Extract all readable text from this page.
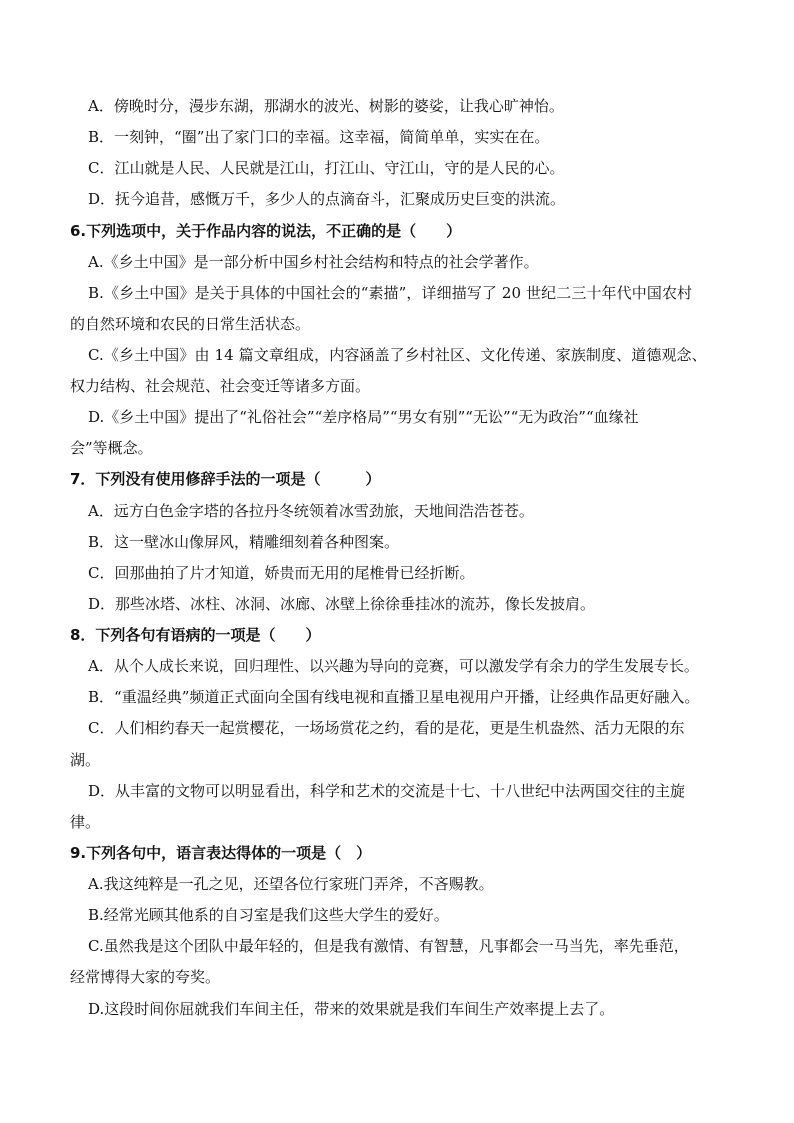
A．傍晚时分，漫步东湖，那湖水的波光、树影的婆娑，让我心旷神怡。

B．一刻钟，“圈”出了家门口的幸福。这幸福，简简单单，实实在在。

C．江山就是人民、人民就是江山，打江山、守江山，守的是人民的心。

D．抚今追昔，感慨万千，多少人的点滴奋斗，汇聚成历史巨变的洪流。

6.下列选项中，关于作品内容的说法，不正确的是（　　）

A.《乡土中国》是一部分析中国乡村社会结构和特点的社会学著作。

B.《乡土中国》是关于具体的中国社会的“素描”，详细描写了 20 世纪二三十年代中国农村

的自然环境和农民的日常生活状态。

C.《乡土中国》由 14 篇文章组成，内容涵盖了乡村社区、文化传递、家族制度、道德观念、

权力结构、社会规范、社会变迁等诸多方面。

D.《乡土中国》提出了“礼俗社会”“差序格局”“男女有别”“无讼”“无为政治”“血缘社

会”等概念。

7．下列没有使用修辞手法的一项是（　　　）

A．远方白色金字塔的各拉丹冬统领着冰雪劲旅，天地间浩浩苍苍。

B．这一壁冰山像屏风，精雕细刻着各种图案。

C．回那曲拍了片才知道，娇贵而无用的尾椎骨已经折断。

D．那些冰塔、冰柱、冰洞、冰廊、冰壁上徐徐垂挂冰的流苏，像长发披肩。

8．下列各句有语病的一项是（　　）

A．从个人成长来说，回归理性、以兴趣为导向的竞赛，可以激发学有余力的学生发展专长。

B．“重温经典”频道正式面向全国有线电视和直播卫星电视用户开播，让经典作品更好融入。

C．人们相约春天一起赏樱花，一场场赏花之约，看的是花，更是生机盎然、活力无限的东

湖。

D．从丰富的文物可以明显看出，科学和艺术的交流是十七、十八世纪中法两国交往的主旋

律。

9.下列各句中，语言表达得体的一项是（　）

A.我这纯粹是一孔之见，还望各位行家班门弄斧，不吝赐教。

B.经常光顾其他系的自习室是我们这些大学生的爱好。

C.虽然我是这个团队中最年轻的，但是我有激情、有智慧，凡事都会一马当先，率先垂范，

经常博得大家的夸奖。

D.这段时间你屈就我们车间主任，带来的效果就是我们车间生产效率提上去了。
